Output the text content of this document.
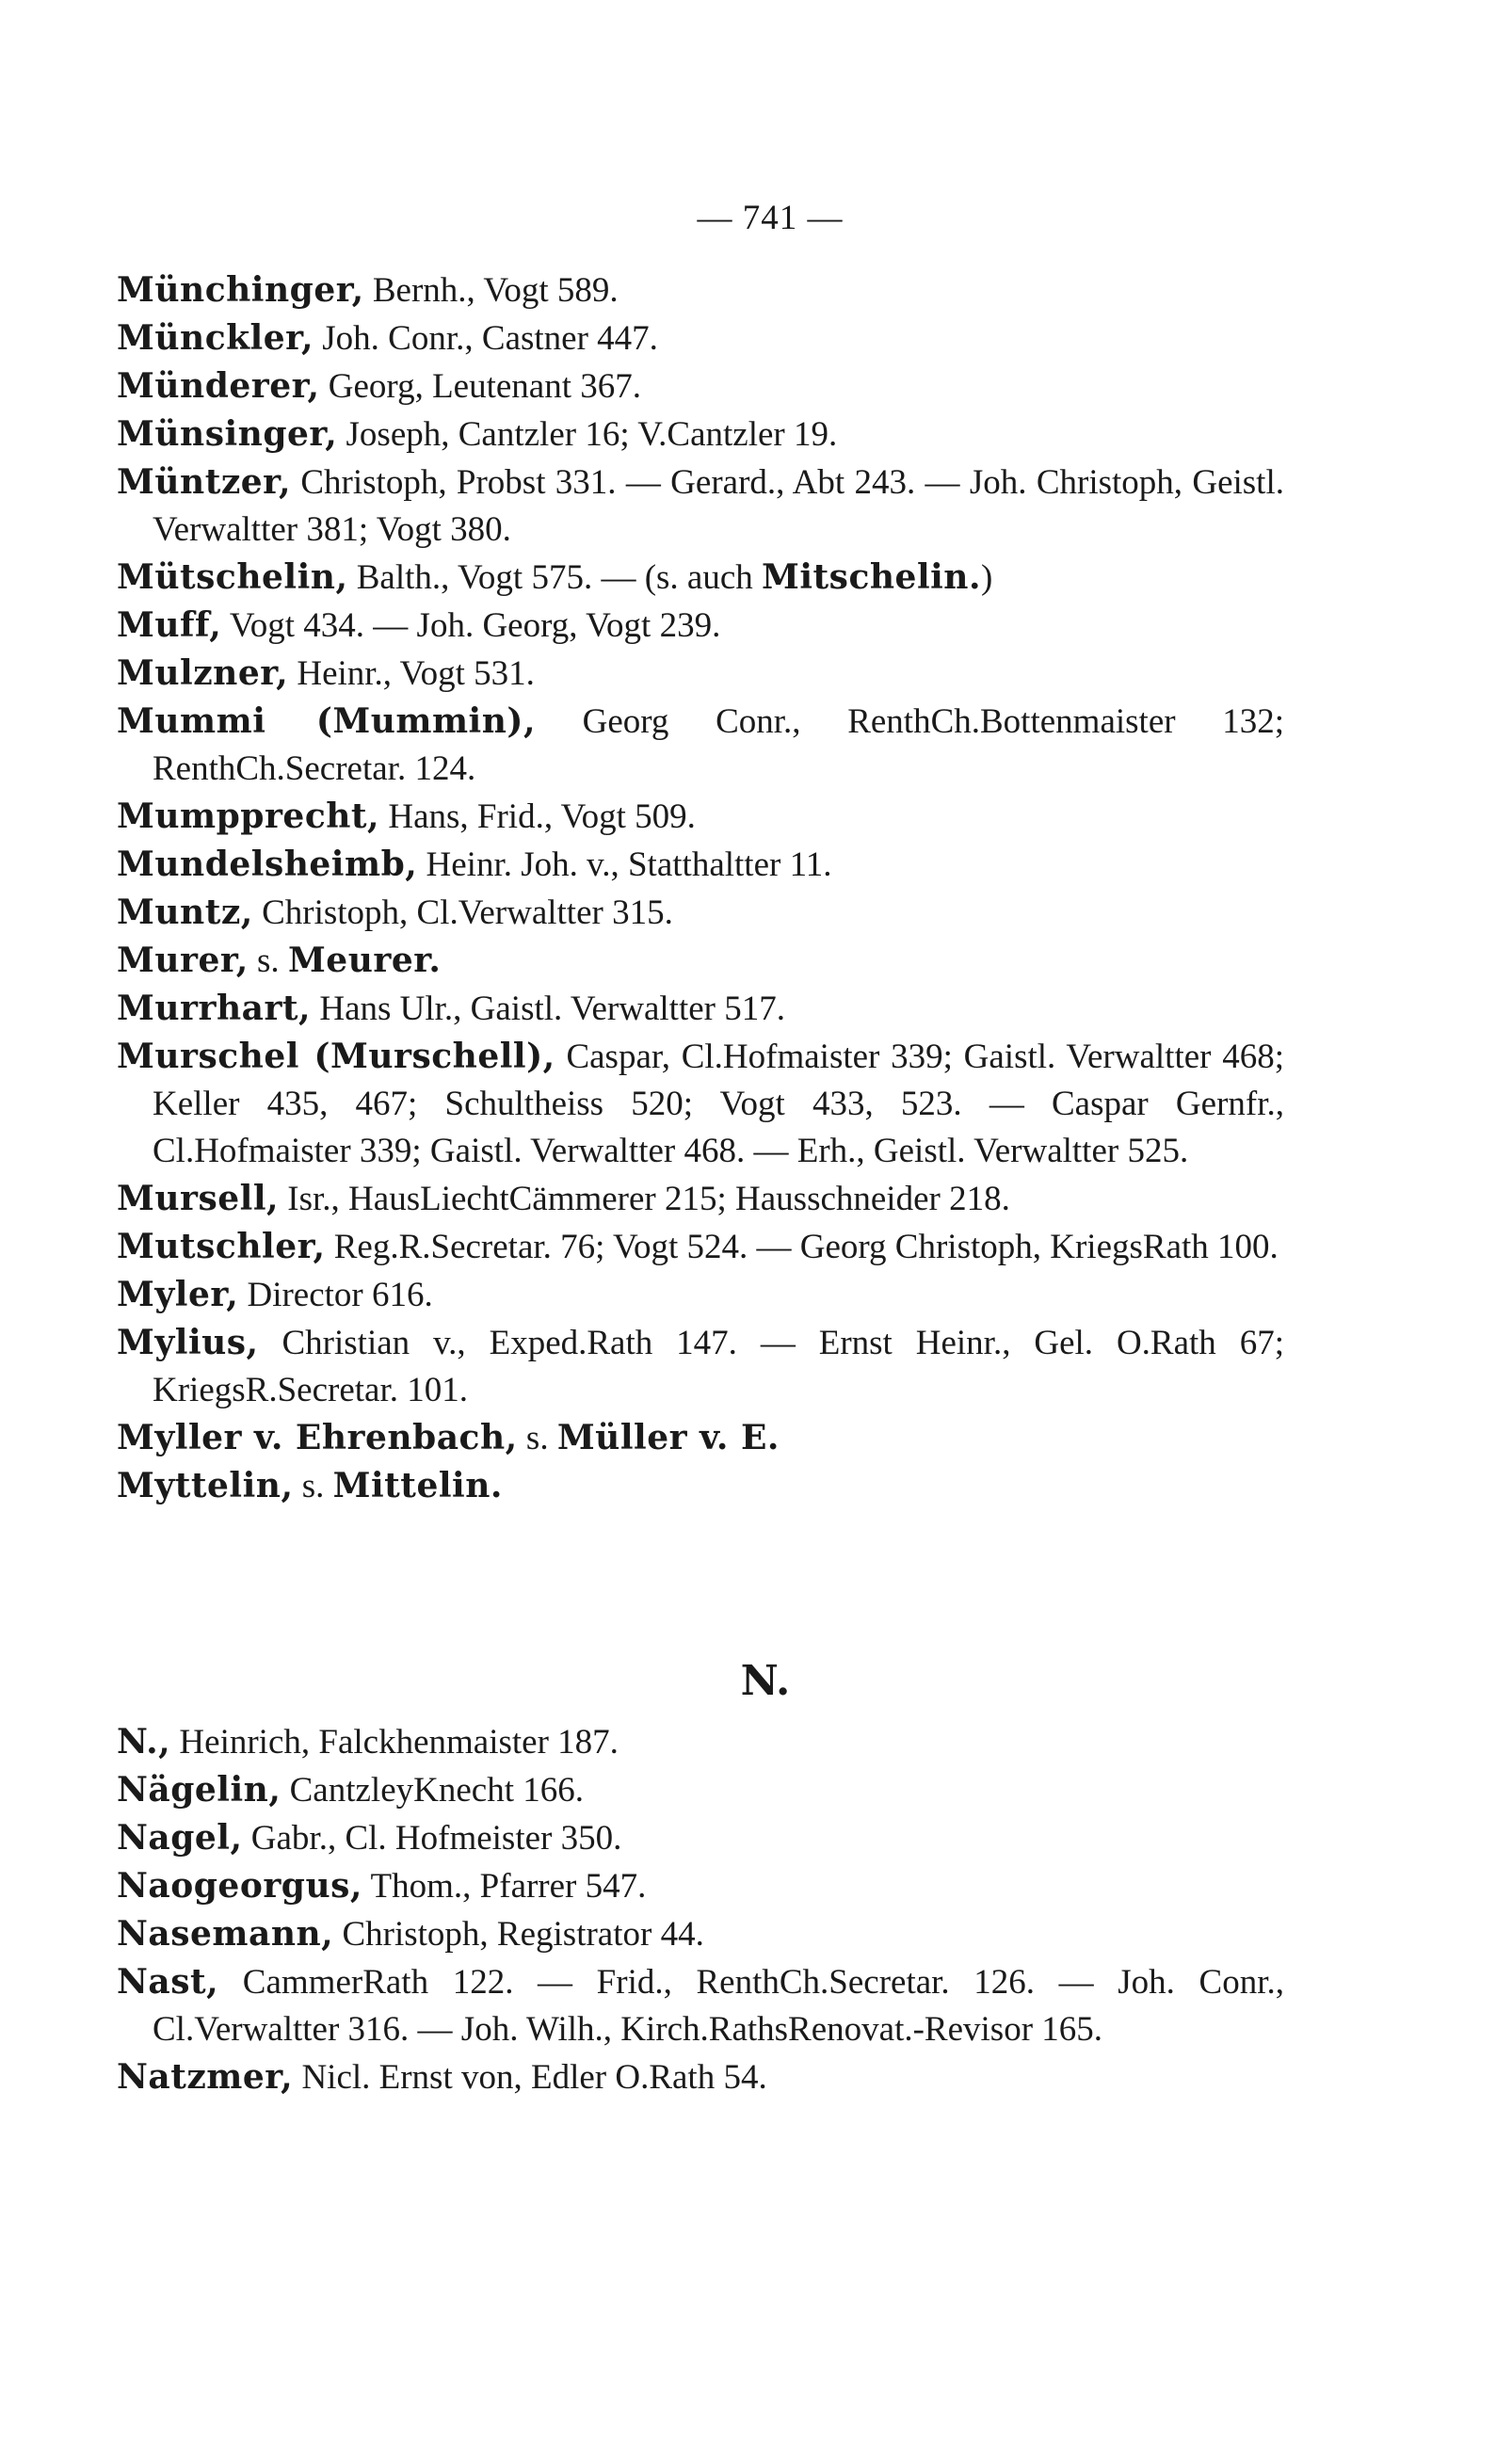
— 741 —

Münchinger, Bernh., Vogt 589.

Münckler, Joh. Conr., Castner 447.

Münderer, Georg, Leutenant 367.

Münsinger, Joseph, Cantzler 16; V.Cantzler 19.

Müntzer, Christoph, Probst 331. — Gerard., Abt 243. — Joh. Christoph, Geistl. Verwaltter 381; Vogt 380.

Mütschelin, Balth., Vogt 575. — (s. auch Mitschelin.)

Muff, Vogt 434. — Joh. Georg, Vogt 239.

Mulzner, Heinr., Vogt 531.

Mummi (Mummin), Georg Conr., RenthCh.Bottenmaister 132; RenthCh.Secretar. 124.

Mumpprecht, Hans, Frid., Vogt 509.

Mundelsheimb, Heinr. Joh. v., Statthaltter 11.

Muntz, Christoph, Cl.Verwaltter 315.

Murer, s. Meurer.

Murrhart, Hans Ulr., Gaistl. Verwaltter 517.

Murschel (Murschell), Caspar, Cl.Hofmaister 339; Gaistl. Verwaltter 468; Keller 435, 467; Schultheiss 520; Vogt 433, 523. — Caspar Gernfr., Cl.Hofmaister 339; Gaistl. Verwaltter 468. — Erh., Geistl. Verwaltter 525.

Mursell, Isr., HausLiechtCämmerer 215; Hausschneider 218.

Mutschler, Reg.R.Secretar. 76; Vogt 524. — Georg Christoph, KriegsRath 100.

Myler, Director 616.

Mylius, Christian v., Exped.Rath 147. — Ernst Heinr., Gel. O.Rath 67; KriegsR.Secretar. 101.

Myller v. Ehrenbach, s. Müller v. E.

Myttelin, s. Mittelin.

N.

N., Heinrich, Falckhenmaister 187.

Nägelin, CantzleyKnecht 166.

Nagel, Gabr., Cl. Hofmeister 350.

Naogeorgus, Thom., Pfarrer 547.

Nasemann, Christoph, Registrator 44.

Nast, CammerRath 122. — Frid., RenthCh.Secretar. 126. — Joh. Conr., Cl.Verwaltter 316. — Joh. Wilh., Kirch.RathsRenovat.-Revisor 165.

Natzmer, Nicl. Ernst von, Edler O.Rath 54.
